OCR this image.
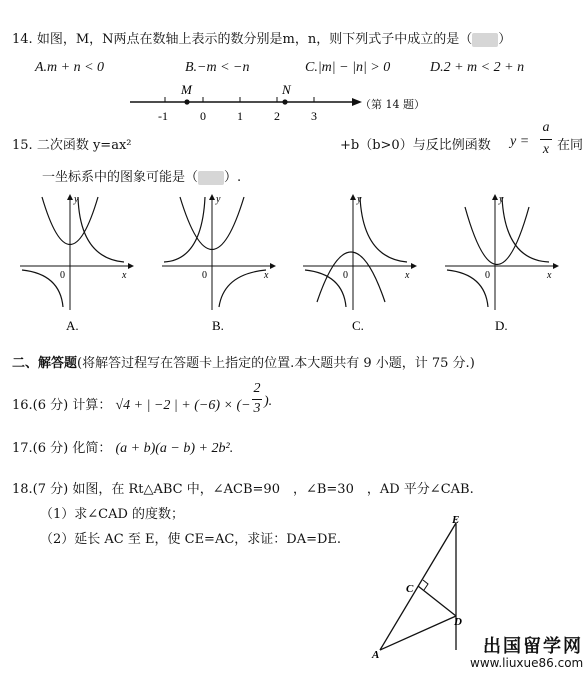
14. 如图，M，N两点在数轴上表示的数分别是m，n，则下列式子中成立的是（ ）
A.m + n < 0	B.−m < −n	C.|m| − |n| > 0	D.2 + m < 2 + n
M	N
-1	0	1	2	3
（第 14 题）
15. 二次函数 y=ax²	+b（b>0）与反比例函数 y =
a
x 在同
一坐标系中的图象可能是（ ）.
y
x
0
A.
y
x
0
B.
y
x
0
C.
y
x
0
D.
二、解答题(将解答过程写在答题卡上指定的位置.本大题共有 9 小题，计 75 分.)
16.(6 分) 计算： √4 + | −2 | + (−6) × (−
2
3 ).
17.(6 分) 化简： (a + b)(a − b) + 2b².
18.(7 分) 如图，在 Rt△ABC 中，∠ACB=90　，∠B=30　，AD 平分∠CAB.
（1）求∠CAD 的度数；
（2）延长 AC 至 E，使 CE=AC，求证：DA=DE.
E
C
D
A	出国留学网
www.liuxue86.com
